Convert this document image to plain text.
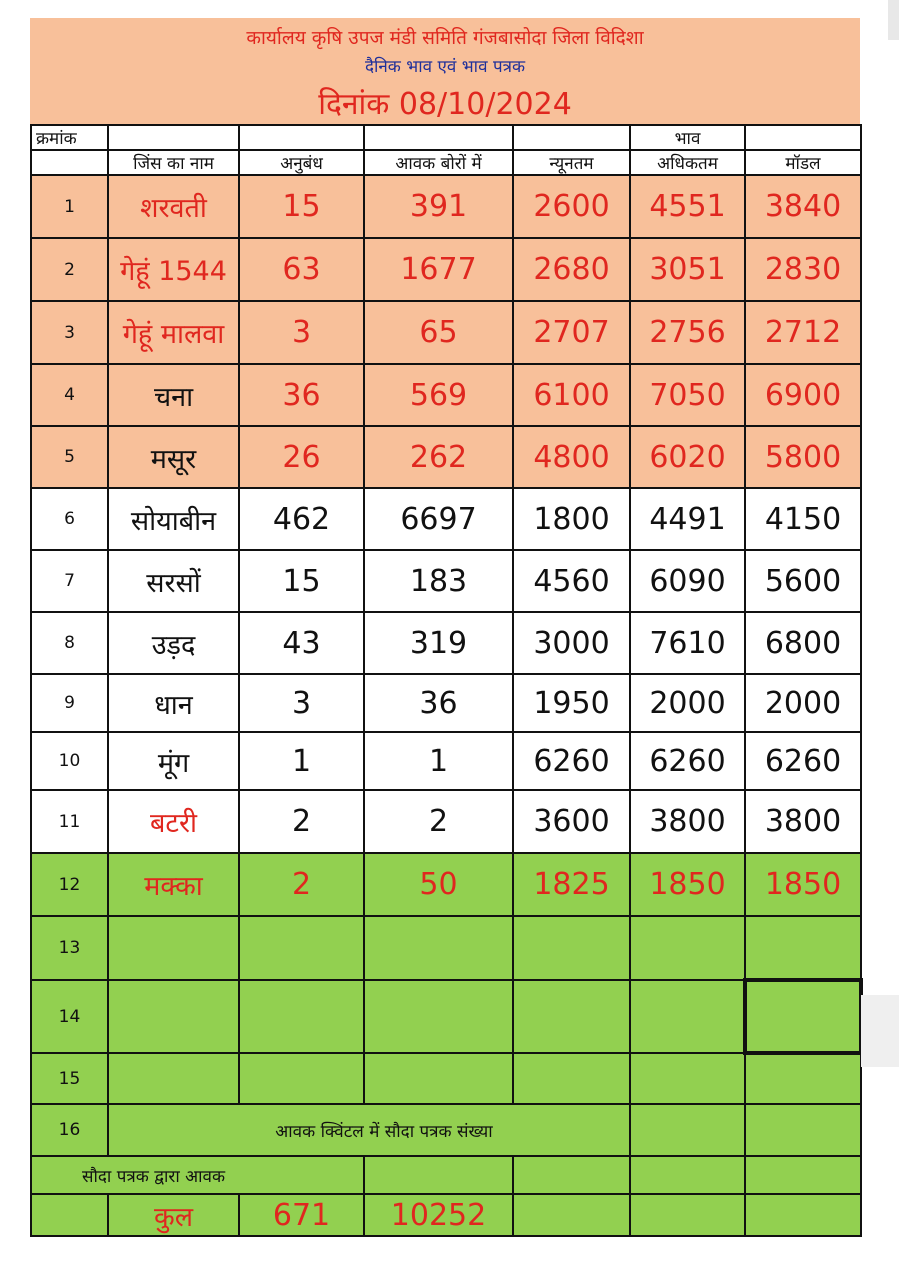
कार्यालय कृषि उपज मंडी समिति गंजबासोदा जिला विदिशा
दैनिक भाव एवं भाव पत्रक
दिनांक 08/10/2024
क्रमांक					भाव	
	जिंस का नाम	अनुबंध	आवक बोरों में	न्यूनतम	अधिकतम	मॉडल
1	शरवती	15	391	2600	4551	3840
2	गेहूं 1544	63	1677	2680	3051	2830
3	गेहूं मालवा	3	65	2707	2756	2712
4	चना	36	569	6100	7050	6900
5	मसूर	26	262	4800	6020	5800
6	सोयाबीन	462	6697	1800	4491	4150
7	सरसों	15	183	4560	6090	5600
8	उड़द	43	319	3000	7610	6800
9	धान	3	36	1950	2000	2000
10	मूंग	1	1	6260	6260	6260
11	बटरी	2	2	3600	3800	3800
12	मक्का	2	50	1825	1850	1850
13						
14						
15						
16	आवक क्विंटल में सौदा पत्रक संख्या					
सौदा पत्रक द्वारा आवक						
	कुल	671	10252			
